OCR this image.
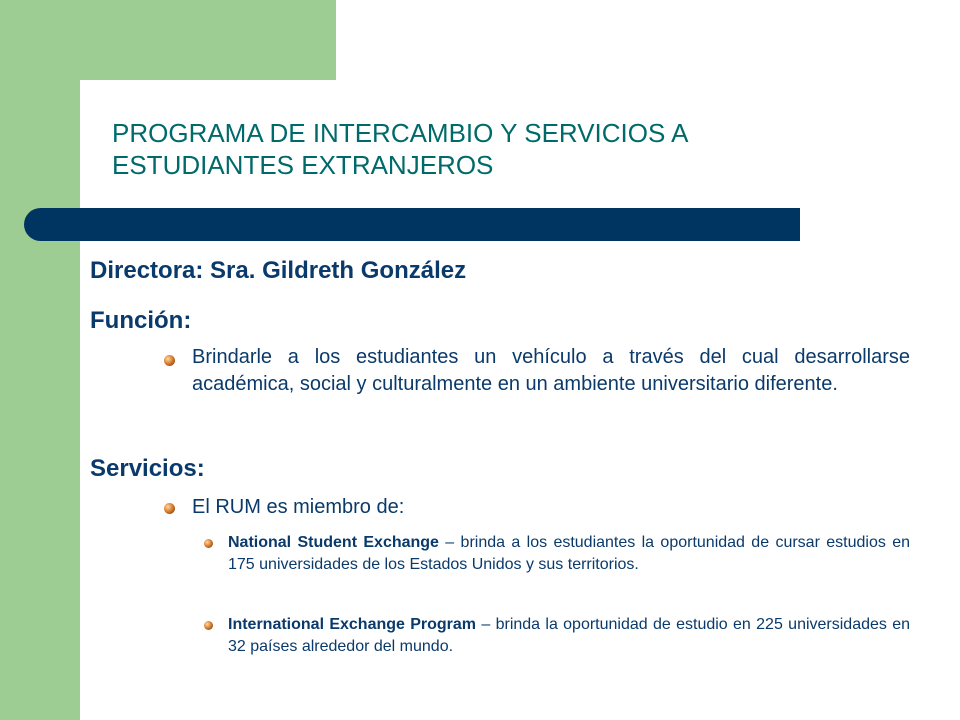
PROGRAMA DE INTERCAMBIO Y SERVICIOS A ESTUDIANTES EXTRANJEROS
Directora: Sra. Gildreth González
Función:
Brindarle a los estudiantes un vehículo a través del cual desarrollarse académica, social y culturalmente en un ambiente universitario diferente.
Servicios:
El RUM es miembro de:
National Student Exchange – brinda a los estudiantes la oportunidad de cursar estudios en 175 universidades de los Estados Unidos y sus territorios.
International Exchange Program – brinda la oportunidad de estudio en 225 universidades en 32 países alrededor del mundo.
